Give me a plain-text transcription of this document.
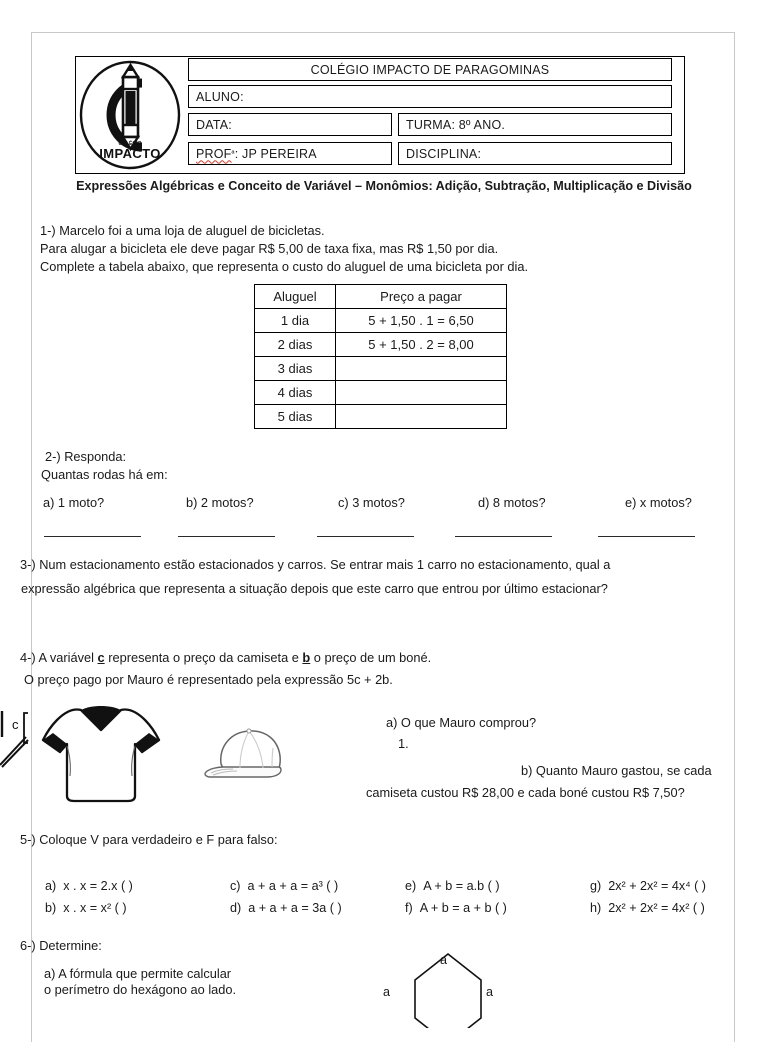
COLÉGIO
IMPACTO
COLÉGIO IMPACTO DE PARAGOMINAS
ALUNO:
DATA:	TURMA: 8º ANO.
PROF ª : JP PEREIRA	DISCIPLINA:
Expressões Algébricas e Conceito de Variável – Monômios: Adição, Subtração, Multiplicação e Divisão
1-) Marcelo foi a uma loja de aluguel de bicicletas.
Para alugar a bicicleta ele deve pagar R$ 5,00 de taxa fixa, mas R$ 1,50 por dia.
Complete a tabela abaixo, que representa o custo do aluguel de uma bicicleta por dia.
Aluguel	Preço a pagar
1 dia	5 + 1,50 . 1 = 6,50
2 dias	5 + 1,50 . 2 = 8,00
3 dias	
4 dias	
5 dias	
2-) Responda:
Quantas rodas há em:
a) 1 moto?	b) 2 motos?	c) 3 motos?	d) 8 motos?	e) x motos?
3-) Num estacionamento estão estacionados y carros. Se entrar mais 1 carro no estacionamento, qual a
expressão algébrica que representa a situação depois que este carro que entrou por último estacionar?
4-) A variável c representa o preço da camiseta e b o preço de um boné.
O preço pago por Mauro é representado pela expressão 5c + 2b.
c	a) O que Mauro comprou?
1.
b) Quanto Mauro gastou, se cada
camiseta custou R$ 28,00 e cada boné custou R$ 7,50?
5-) Coloque V para verdadeiro e F para falso:
a) x . x = 2.x ( )
b) x . x = x² ( )
c) a + a + a = a³ ( )
d) a + a + a = 3a ( )
e) A + b = a.b ( )
f) A + b = a + b ( )
g) 2x² + 2x² = 4x⁴ ( )
h) 2x² + 2x² = 4x² ( )
6-) Determine:
a) A fórmula que permite calcular
o perímetro do hexágono ao lado.
a
a	a
